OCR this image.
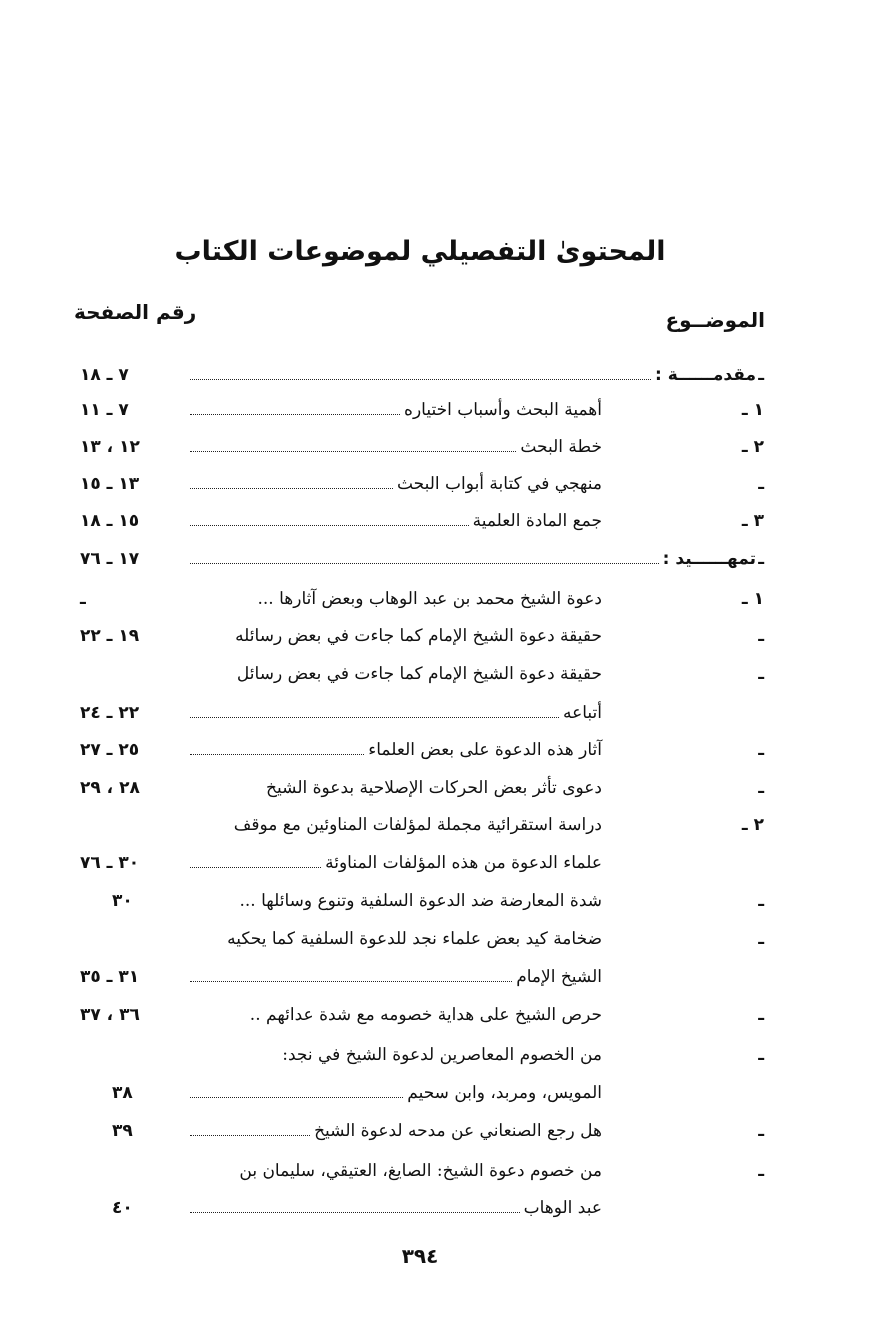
المحتوىٰ التفصيلي لموضوعات الكتاب
الموضــوع
رقم الصفحة
ـ
مقدمــــــة :
٧ ـ ١٨
١ ـ
أهمية البحث وأسباب اختياره
٧ ـ ١١
٢ ـ
خطة البحث
١٢ ، ١٣
ـ
منهجي في كتابة أبواب البحث
١٣ ـ ١٥
٣ ـ
جمع المادة العلمية
١٥ ـ ١٨
ـ
تمهــــــيد :
١٧ ـ ٧٦
١ ـ
دعوة الشيخ محمد بن عبد الوهاب وبعض آثارها ...
ـ
ـ
حقيقة دعوة الشيخ الإمام كما جاءت في بعض رسائله
١٩ ـ ٢٢
ـ
حقيقة دعوة الشيخ الإمام كما جاءت في بعض رسائل
أتباعه
٢٢ ـ ٢٤
ـ
آثار هذه الدعوة على بعض العلماء
٢٥ ـ ٢٧
ـ
دعوى تأثر بعض الحركات الإصلاحية بدعوة الشيخ
٢٨ ، ٢٩
٢ ـ
دراسة استقرائية مجملة لمؤلفات المناوئين مع موقف
علماء الدعوة من هذه المؤلفات المناوئة
٣٠ ـ ٧٦
ـ
شدة المعارضة ضد الدعوة السلفية وتنوع وسائلها ...
٣٠
ـ
ضخامة كيد بعض علماء نجد للدعوة السلفية كما يحكيه
الشيخ الإمام
٣١ ـ ٣٥
ـ
حرص الشيخ على هداية خصومه مع شدة عدائهم ..
٣٦ ، ٣٧
ـ
من الخصوم المعاصرين لدعوة الشيخ في نجد:
المويس، ومربد، وابن سحيم
٣٨
ـ
هل رجع الصنعاني عن مدحه لدعوة الشيخ
٣٩
ـ
من خصوم دعوة الشيخ: الصايغ، العتيقي، سليمان بن
عبد الوهاب
٤٠
٣٩٤
